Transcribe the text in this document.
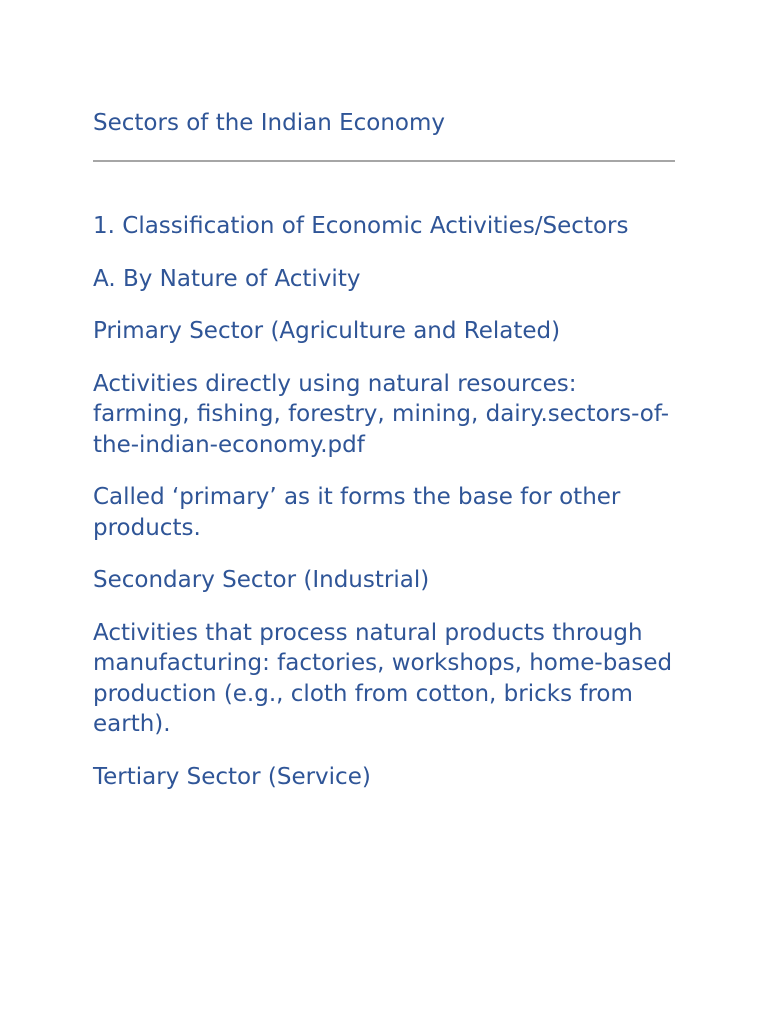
Sectors of the Indian Economy

1. Classification of Economic Activities/Sectors

A. By Nature of Activity

Primary Sector (Agriculture and Related)

Activities directly using natural resources: farming, fishing, forestry, mining, dairy.sectors-of-the-indian-economy.pdf

Called ‘primary’ as it forms the base for other products.

Secondary Sector (Industrial)

Activities that process natural products through manufacturing: factories, workshops, home-based production (e.g., cloth from cotton, bricks from earth).

Tertiary Sector (Service)
